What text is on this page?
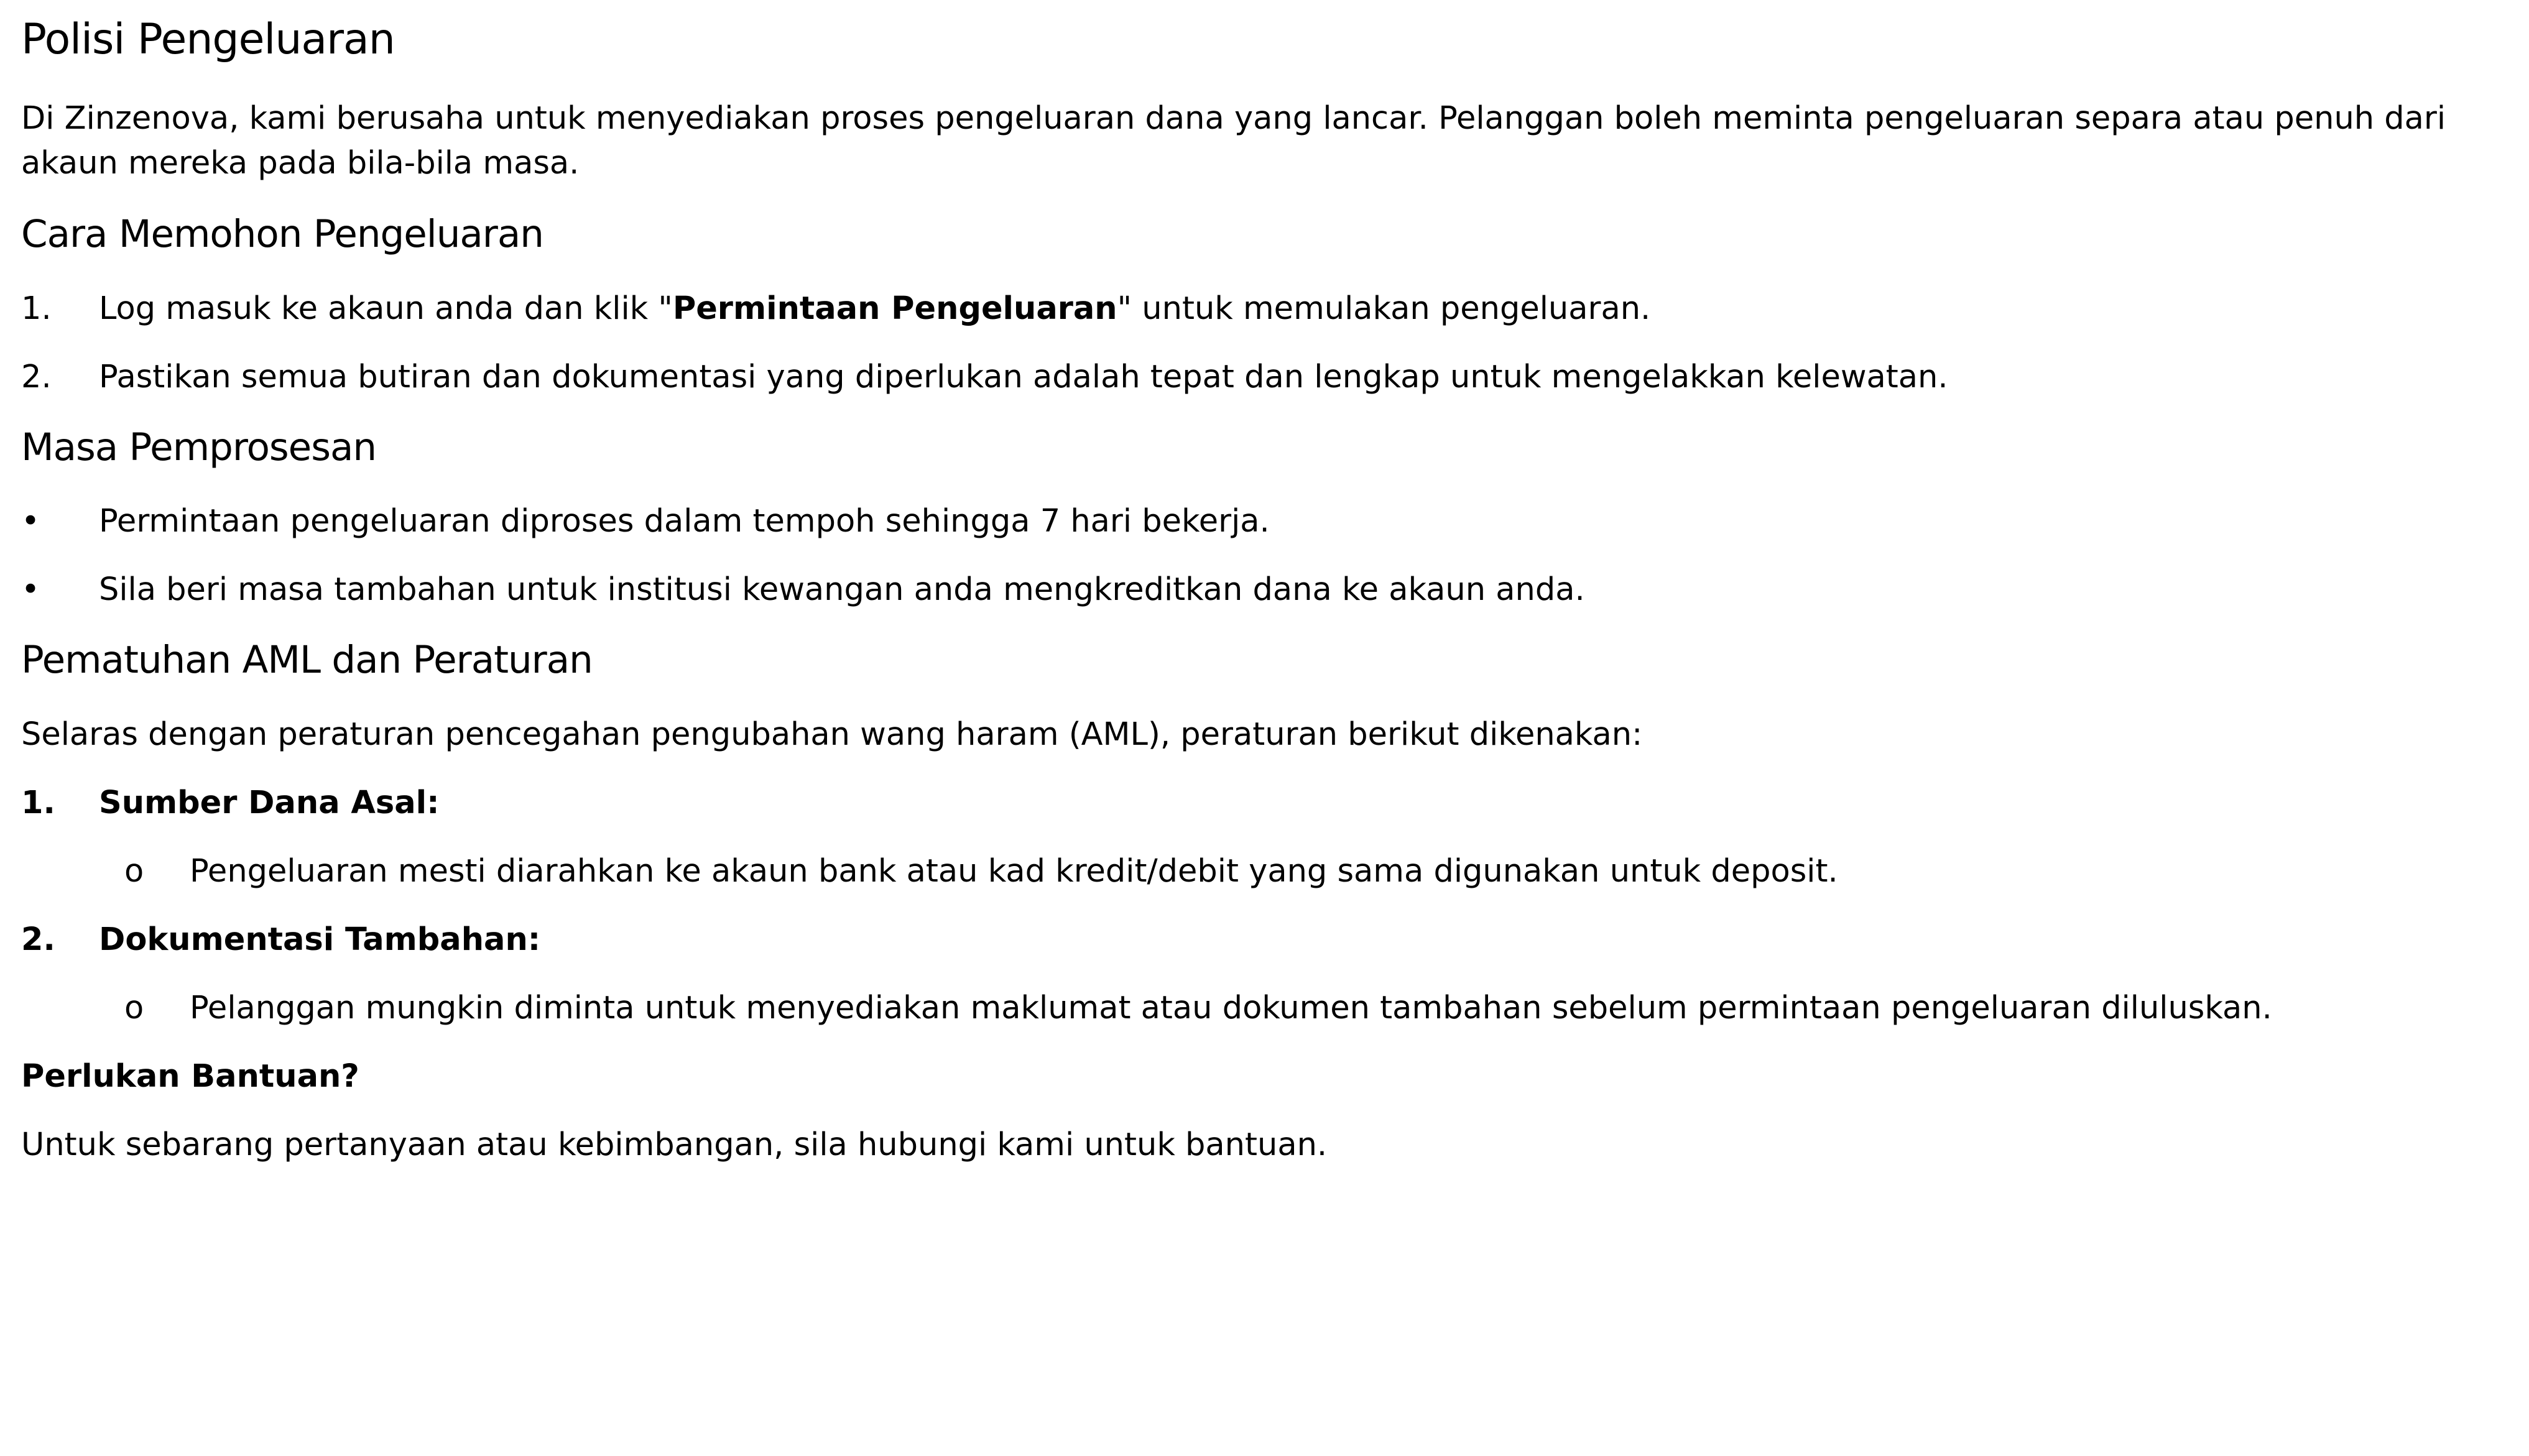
Polisi Pengeluaran

Di Zinzenova, kami berusaha untuk menyediakan proses pengeluaran dana yang lancar. Pelanggan boleh meminta pengeluaran separa atau penuh dari

akaun mereka pada bila-bila masa.

Cara Memohon Pengeluaran
1. Log masuk ke akaun anda dan klik "Permintaan Pengeluaran" untuk memulakan pengeluaran.

2. Pastikan semua butiran dan dokumentasi yang diperlukan adalah tepat dan lengkap untuk mengelakkan kelewatan.

Masa Pemprosesan
• Permintaan pengeluaran diproses dalam tempoh sehingga 7 hari bekerja.

• Sila beri masa tambahan untuk institusi kewangan anda mengkreditkan dana ke akaun anda.

Pematuhan AML dan Peraturan

Selaras dengan peraturan pencegahan pengubahan wang haram (AML), peraturan berikut dikenakan:

1. Sumber Dana Asal:

o Pengeluaran mesti diarahkan ke akaun bank atau kad kredit/debit yang sama digunakan untuk deposit.

2. Dokumentasi Tambahan:

o Pelanggan mungkin diminta untuk menyediakan maklumat atau dokumen tambahan sebelum permintaan pengeluaran diluluskan.

Perlukan Bantuan?

Untuk sebarang pertanyaan atau kebimbangan, sila hubungi kami untuk bantuan.
